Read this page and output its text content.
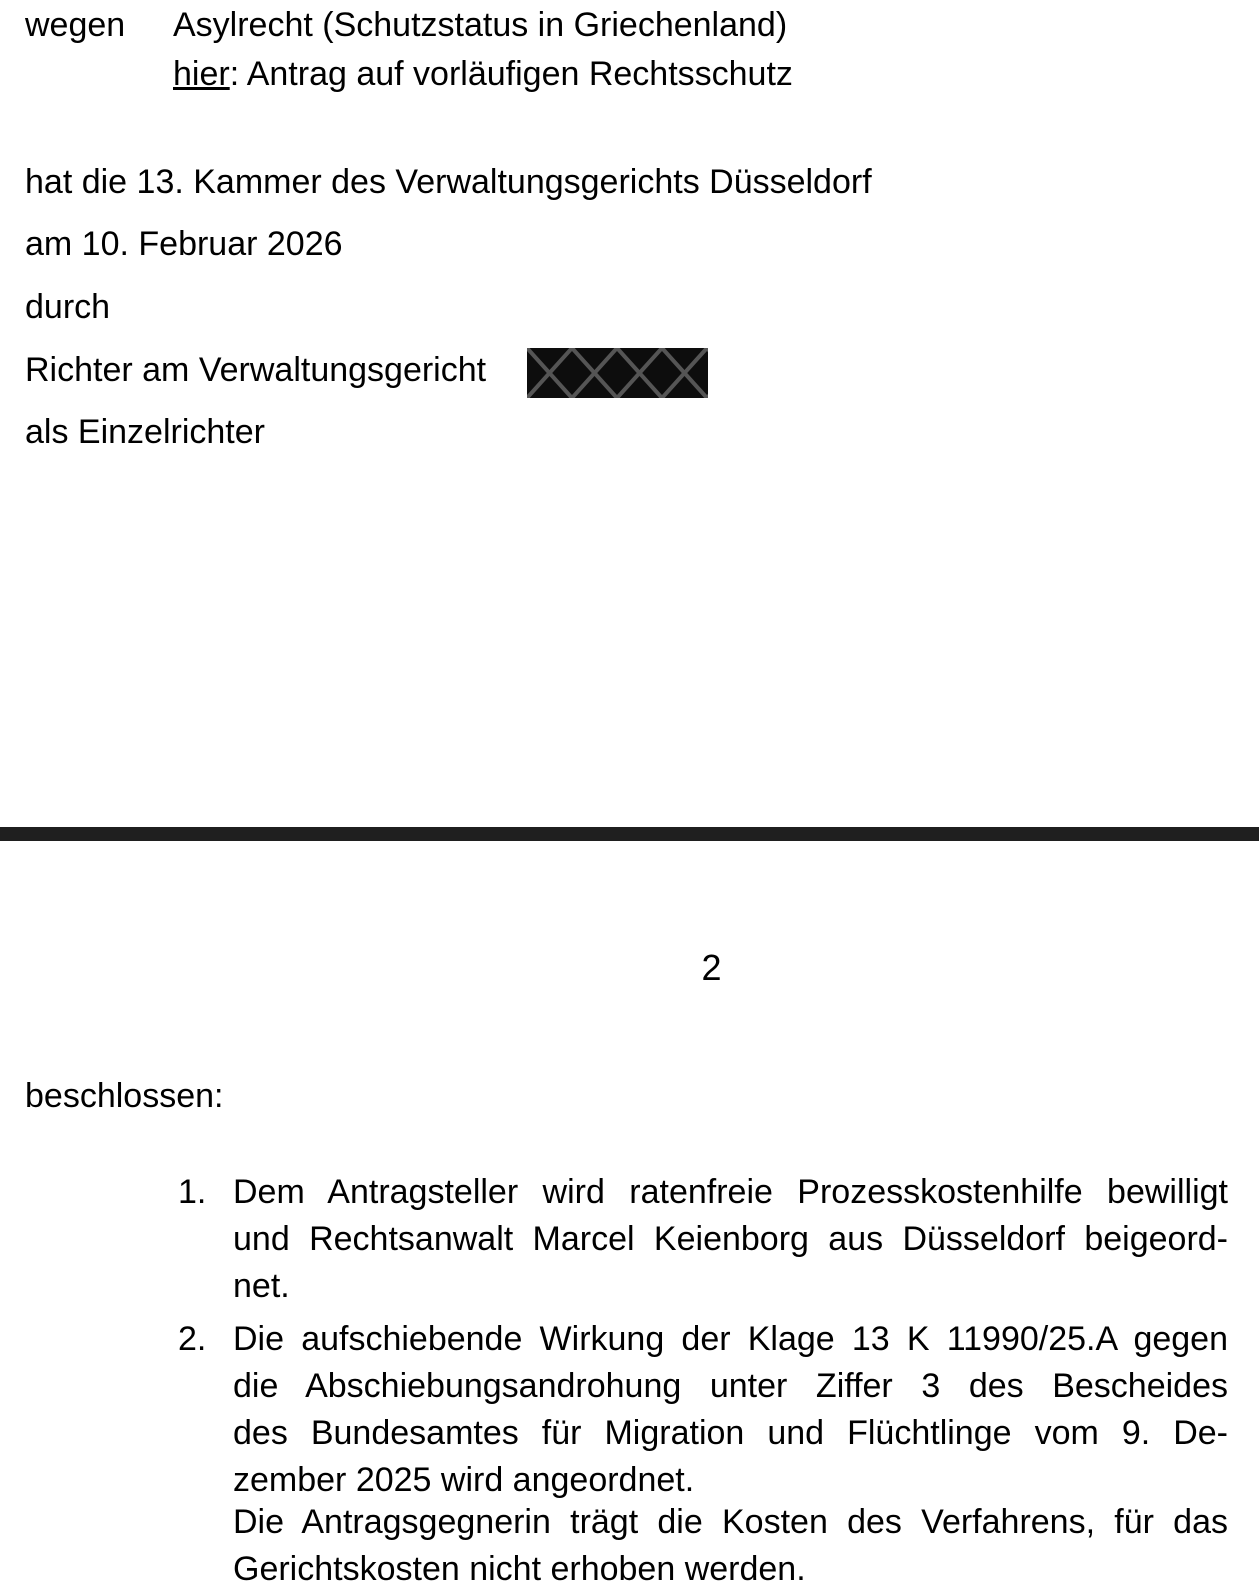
wegen	Asylrecht (Schutzstatus in Griechenland)
hier: Antrag auf vorläufigen Rechtsschutz
hat die 13. Kammer des Verwaltungsgerichts Düsseldorf
am 10. Februar 2026
durch
Richter am Verwaltungsgericht
als Einzelrichter
2
beschlossen:
1. Dem Antragsteller wird ratenfreie Prozesskostenhilfe bewilligt
und Rechtsanwalt Marcel Keienborg aus Düsseldorf beigeord-
net.
2. Die aufschiebende Wirkung der Klage 13 K 11990/25.A gegen
die Abschiebungsandrohung unter Ziffer 3 des Bescheides
des Bundesamtes für Migration und Flüchtlinge vom 9. De-
zember 2025 wird angeordnet.
Die Antragsgegnerin trägt die Kosten des Verfahrens, für das
Gerichtskosten nicht erhoben werden.
